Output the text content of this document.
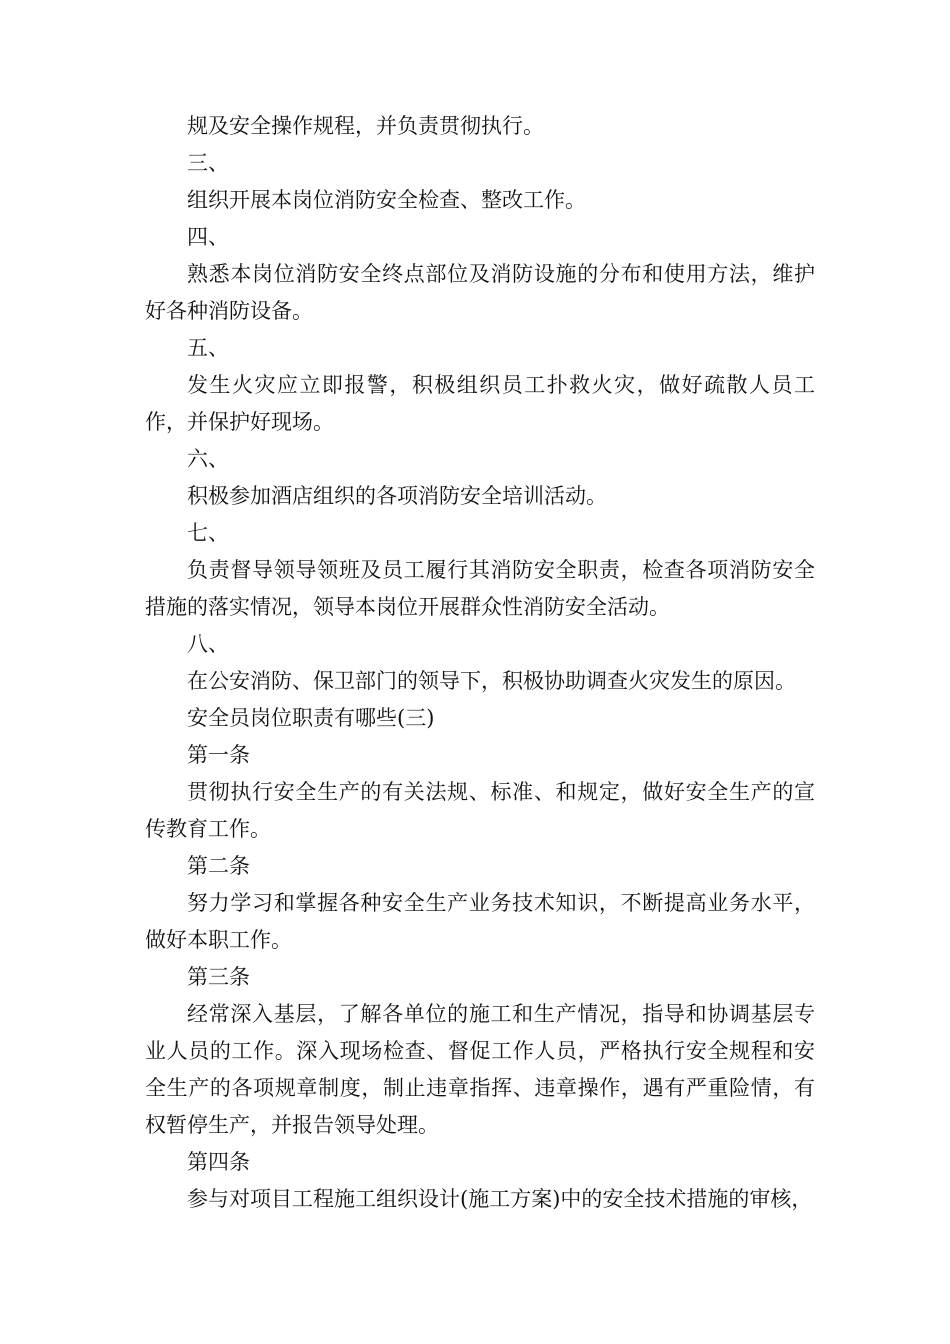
规及安全操作规程，并负责贯彻执行。

三、

组织开展本岗位消防安全检查、整改工作。

四、

熟悉本岗位消防安全终点部位及消防设施的分布和使用方法，维护好各种消防设备。

五、

发生火灾应立即报警，积极组织员工扑救火灾，做好疏散人员工作，并保护好现场。

六、

积极参加酒店组织的各项消防安全培训活动。

七、

负责督导领导领班及员工履行其消防安全职责，检查各项消防安全措施的落实情况，领导本岗位开展群众性消防安全活动。

八、

在公安消防、保卫部门的领导下，积极协助调查火灾发生的原因。

安全员岗位职责有哪些(三)

第一条

贯彻执行安全生产的有关法规、标准、和规定，做好安全生产的宣传教育工作。

第二条

努力学习和掌握各种安全生产业务技术知识，不断提高业务水平，做好本职工作。

第三条

经常深入基层，了解各单位的施工和生产情况，指导和协调基层专业人员的工作。深入现场检查、督促工作人员，严格执行安全规程和安全生产的各项规章制度，制止违章指挥、违章操作，遇有严重险情，有权暂停生产，并报告领导处理。

第四条

参与对项目工程施工组织设计(施工方案)中的安全技术措施的审核，
